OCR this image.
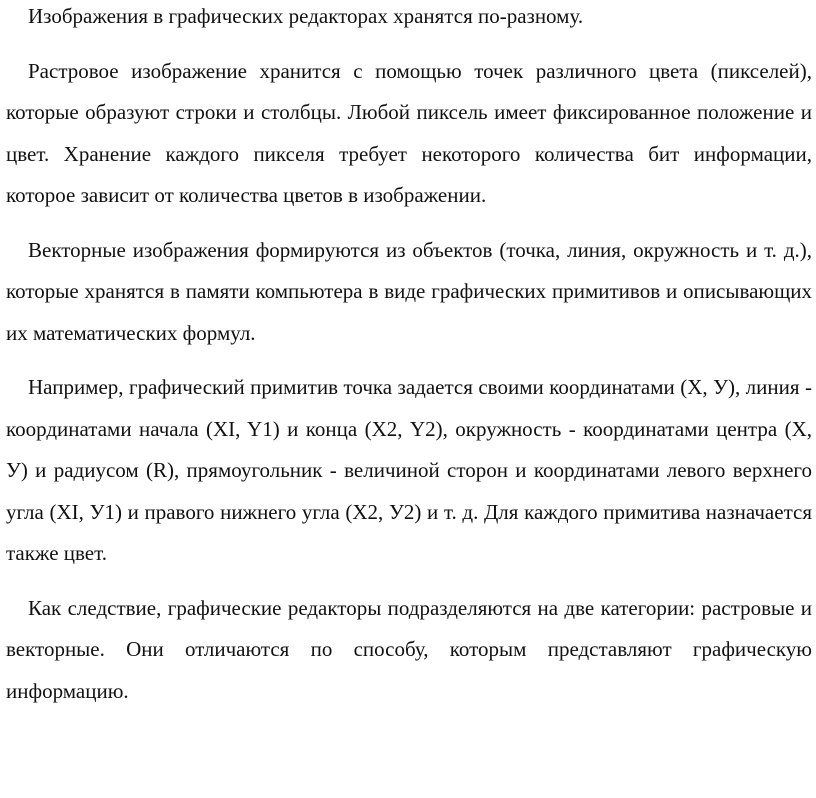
Изображения в графических редакторах хранятся по-разному.

Растровое изображение хранится с помощью точек различного цвета (пикселей), которые образуют строки и столбцы. Любой пиксель имеет фиксированное положение и цвет. Хранение каждого пикселя требует некоторого количества бит информации, которое зависит от количества цветов в изображении.

Векторные изображения формируются из объектов (точка, линия, окружность и т. д.), которые хранятся в памяти компьютера в виде графических примитивов и описывающих их математических формул.

Например, графический примитив точка задается своими координатами (X, У), линия - координатами начала (XI, Y1) и конца (Х2, Y2), окружность - координатами центра (X, У) и радиусом (R), прямоугольник - величиной сторон и координатами левого верхнего угла (XI, У1) и правого нижнего угла (Х2, У2) и т. д. Для каждого примитива назначается также цвет.

Как следствие, графические редакторы подразделяются на две категории: растровые и векторные. Они отличаются по способу, которым представляют графическую информацию.
